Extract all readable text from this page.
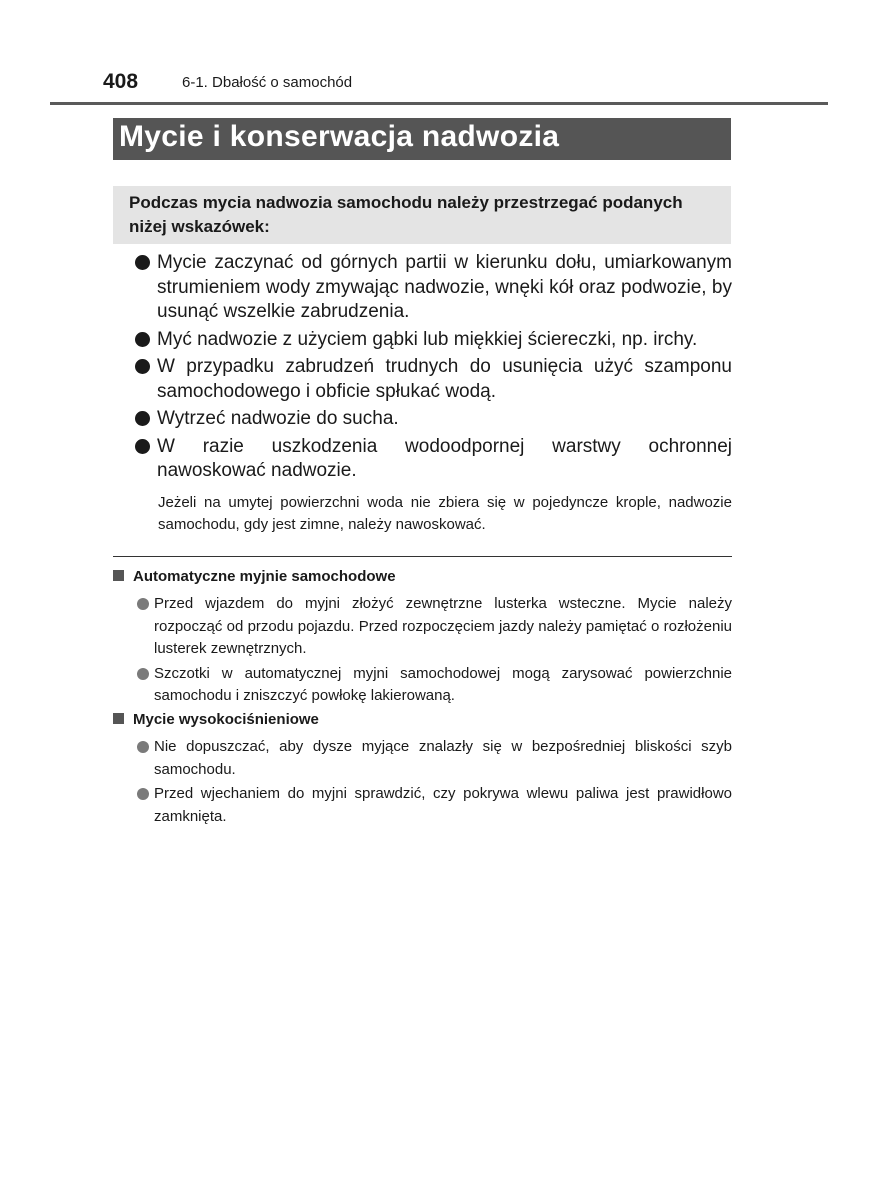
408	6-1. Dbałość o samochód
Mycie i konserwacja nadwozia
Podczas mycia nadwozia samochodu należy przestrzegać podanych niżej wskazówek:
Mycie zaczynać od górnych partii w kierunku dołu, umiarkowanym strumieniem wody zmywając nadwozie, wnęki kół oraz podwozie, by usunąć wszelkie zabrudzenia.
Myć nadwozie z użyciem gąbki lub miękkiej ściereczki, np. irchy.
W przypadku zabrudzeń trudnych do usunięcia użyć szamponu samochodowego i obficie spłukać wodą.
Wytrzeć nadwozie do sucha.
W razie uszkodzenia wodoodpornej warstwy ochronnej nawoskować nadwozie.
Jeżeli na umytej powierzchni woda nie zbiera się w pojedyncze krople, nadwozie samochodu, gdy jest zimne, należy nawoskować.
Automatyczne myjnie samochodowe
Przed wjazdem do myjni złożyć zewnętrzne lusterka wsteczne. Mycie należy rozpocząć od przodu pojazdu. Przed rozpoczęciem jazdy należy pamiętać o rozłożeniu lusterek zewnętrznych.
Szczotki w automatycznej myjni samochodowej mogą zarysować powierzchnie samochodu i zniszczyć powłokę lakierowaną.
Mycie wysokociśnieniowe
Nie dopuszczać, aby dysze myjące znalazły się w bezpośredniej bliskości szyb samochodu.
Przed wjechaniem do myjni sprawdzić, czy pokrywa wlewu paliwa jest prawidłowo zamknięta.
